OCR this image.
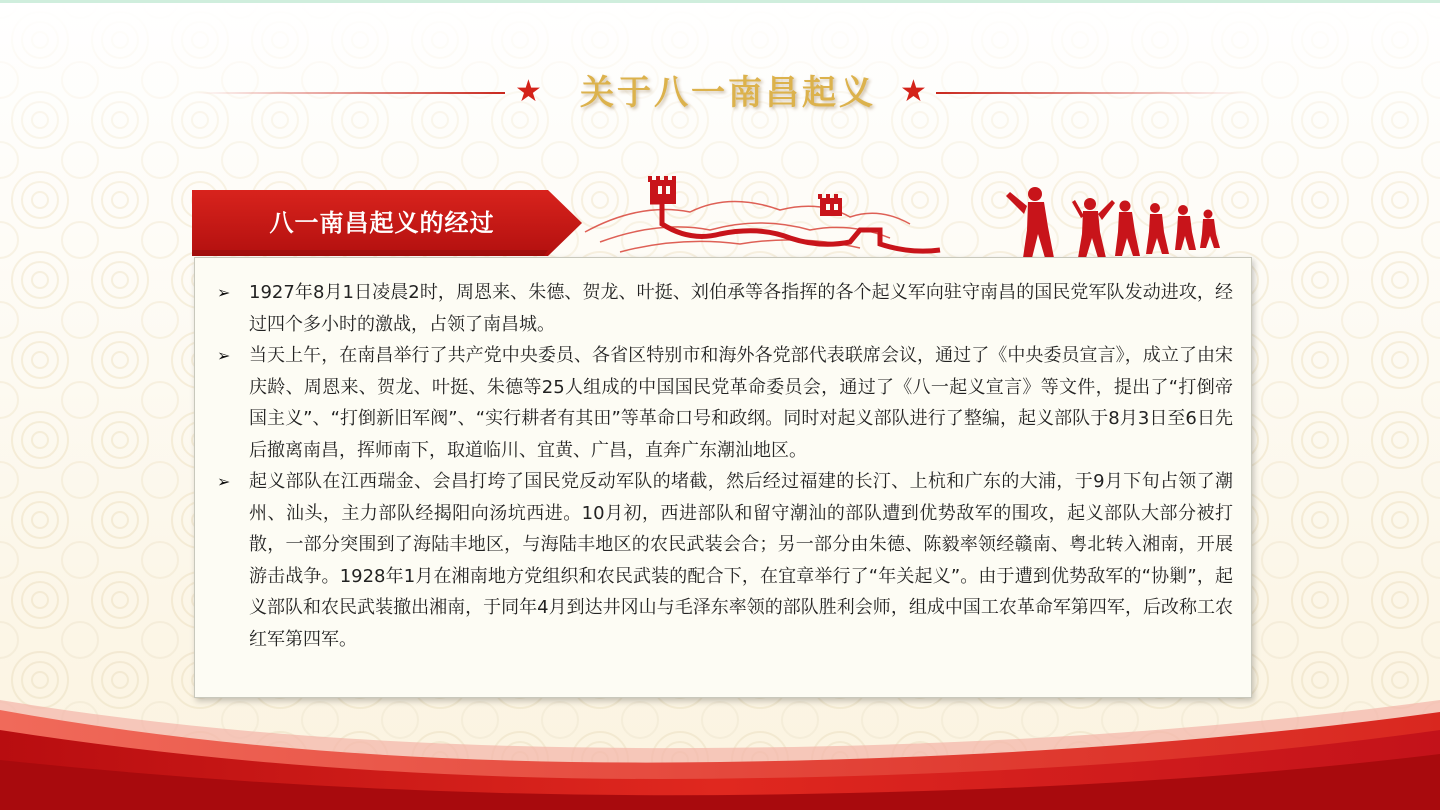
★	关于八一南昌起义 ★
八一南昌起义的经过
➢ 1927年8月1日凌晨2时，周恩来、朱德、贺龙、叶挺、刘伯承等各指挥的各个起义军向驻守南昌的国民党军队发动进攻，经过四个多小时的激战，占领了南昌城。
➢ 当天上午，在南昌举行了共产党中央委员、各省区特别市和海外各党部代表联席会议，通过了《中央委员宣言》，成立了由宋庆龄、周恩来、贺龙、叶挺、朱德等25人组成的中国国民党革命委员会，通过了《八一起义宣言》等文件，提出了“打倒帝国主义”、“打倒新旧军阀”、“实行耕者有其田”等革命口号和政纲。同时对起义部队进行了整编，起义部队于8月3日至6日先后撤离南昌，挥师南下，取道临川、宜黄、广昌，直奔广东潮汕地区。
➢ 起义部队在江西瑞金、会昌打垮了国民党反动军队的堵截，然后经过福建的长汀、上杭和广东的大浦，于9月下旬占领了潮州、汕头，主力部队经揭阳向汤坑西进。10月初，西进部队和留守潮汕的部队遭到优势敌军的围攻，起义部队大部分被打散，一部分突围到了海陆丰地区，与海陆丰地区的农民武装会合；另一部分由朱德、陈毅率领经赣南、粤北转入湘南，开展游击战争。1928年1月在湘南地方党组织和农民武装的配合下，在宜章举行了“年关起义”。由于遭到优势敌军的“协剿”，起义部队和农民武装撤出湘南，于同年4月到达井冈山与毛泽东率领的部队胜利会师，组成中国工农革命军第四军，后改称工农红军第四军。
